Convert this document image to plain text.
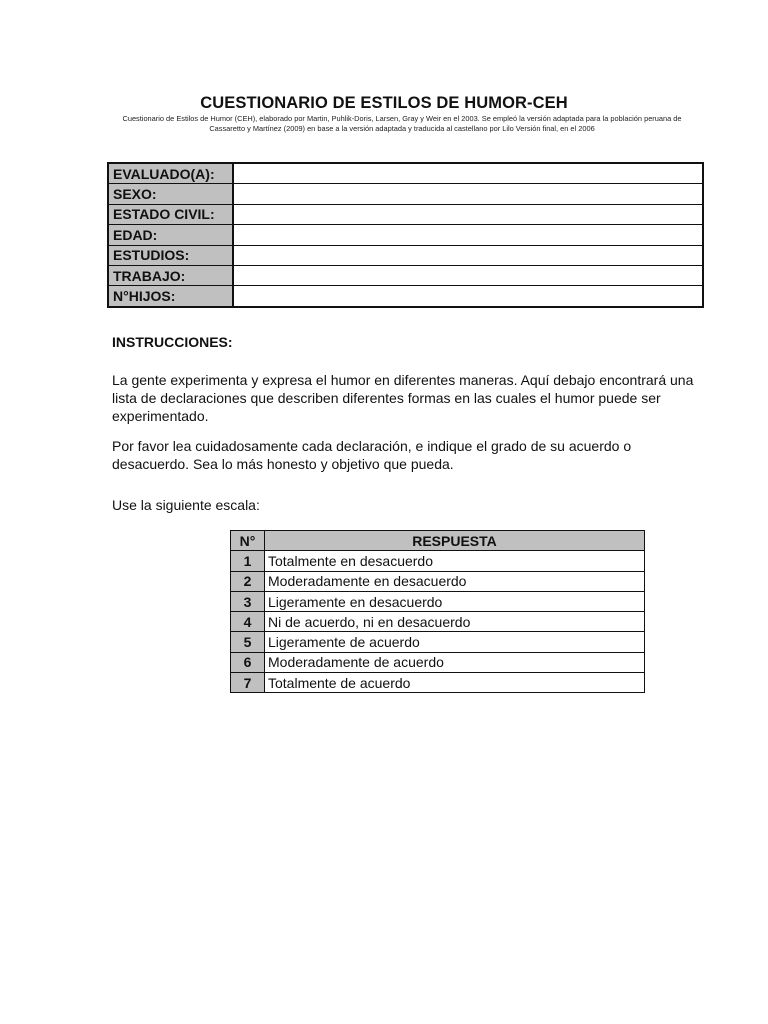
CUESTIONARIO DE ESTILOS DE HUMOR-CEH
Cuestionario de Estilos de Humor (CEH), elaborado por Martin, Puhlik-Doris, Larsen, Gray y Weir en el 2003. Se empleó la versión adaptada para la población peruana de Cassaretto y Martínez (2009) en base a la versión adaptada y traducida al castellano por Lilo Versión final, en el 2006
EVALUADO(A):	
SEXO:	
ESTADO CIVIL:	
EDAD:	
ESTUDIOS:	
TRABAJO:	
N°HIJOS:	
INSTRUCCIONES:
La gente experimenta y expresa el humor en diferentes maneras. Aquí debajo encontrará una lista de declaraciones que describen diferentes formas en las cuales el humor puede ser experimentado.
Por favor lea cuidadosamente cada declaración, e indique el grado de su acuerdo o desacuerdo. Sea lo más honesto y objetivo que pueda.
Use la siguiente escala:
N°	RESPUESTA
1	Totalmente en desacuerdo
2	Moderadamente en desacuerdo
3	Ligeramente en desacuerdo
4	Ni de acuerdo, ni en desacuerdo
5	Ligeramente de acuerdo
6	Moderadamente de acuerdo
7	Totalmente de acuerdo
